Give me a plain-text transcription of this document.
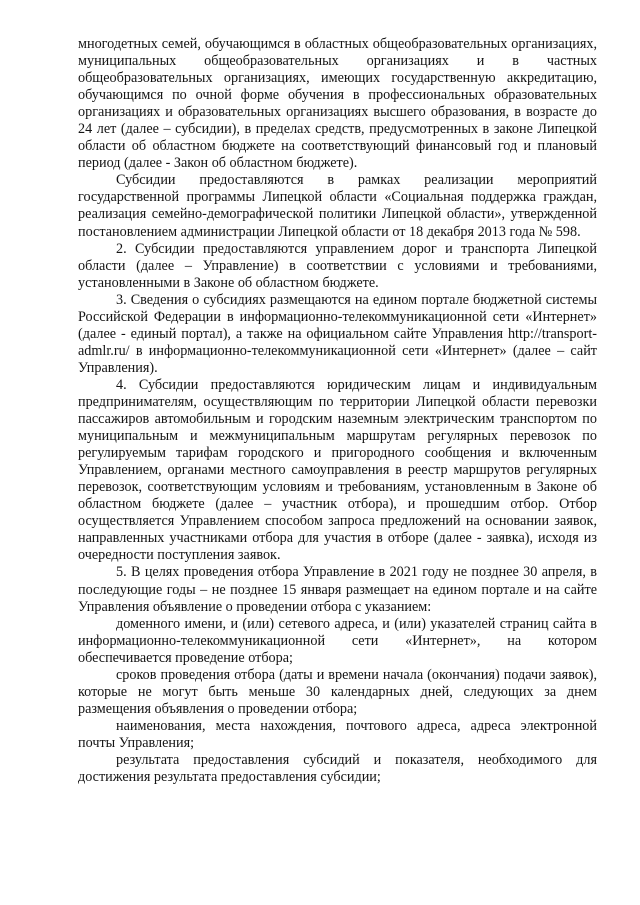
многодетных семей, обучающимся в областных общеобразовательных организациях, муниципальных общеобразовательных организациях и в частных общеобразовательных организациях, имеющих государственную аккредитацию, обучающимся по очной форме обучения в профессиональных образовательных организациях и образовательных организациях высшего образования, в возрасте до 24 лет (далее – субсидии), в пределах средств, предусмотренных в законе Липецкой области об областном бюджете на соответствующий финансовый год и плановый период (далее - Закон об областном бюджете).

Субсидии предоставляются в рамках реализации мероприятий государственной программы Липецкой области «Социальная поддержка граждан, реализация семейно-демографической политики Липецкой области», утвержденной постановлением администрации Липецкой области от 18 декабря 2013 года № 598.

2. Субсидии предоставляются управлением дорог и транспорта Липецкой области (далее – Управление) в соответствии с условиями и требованиями, установленными в Законе об областном бюджете.

3. Сведения о субсидиях размещаются на едином портале бюджетной системы Российской Федерации в информационно-телекоммуникационной сети «Интернет» (далее - единый портал), а также на официальном сайте Управления http://transport-admlr.ru/ в информационно-телекоммуникационной сети «Интернет» (далее – сайт Управления).

4. Субсидии предоставляются юридическим лицам и индивидуальным предпринимателям, осуществляющим по территории Липецкой области перевозки пассажиров автомобильным и городским наземным электрическим транспортом по муниципальным и межмуниципальным маршрутам регулярных перевозок по регулируемым тарифам городского и пригородного сообщения и включенным Управлением, органами местного самоуправления в реестр маршрутов регулярных перевозок, соответствующим условиям и требованиям, установленным в Законе об областном бюджете (далее – участник отбора), и прошедшим отбор. Отбор осуществляется Управлением способом запроса предложений на основании заявок, направленных участниками отбора для участия в отборе (далее - заявка), исходя из очередности поступления заявок.

5. В целях проведения отбора Управление в 2021 году не позднее 30 апреля, в последующие годы – не позднее 15 января размещает на едином портале и на сайте Управления объявление о проведении отбора с указанием:

доменного имени, и (или) сетевого адреса, и (или) указателей страниц сайта в информационно-телекоммуникационной сети «Интернет», на котором обеспечивается проведение отбора;

сроков проведения отбора (даты и времени начала (окончания) подачи заявок), которые не могут быть меньше 30 календарных дней, следующих за днем размещения объявления о проведении отбора;

наименования, места нахождения, почтового адреса, адреса электронной почты Управления;

результата предоставления субсидий и показателя, необходимого для достижения результата предоставления субсидии;
